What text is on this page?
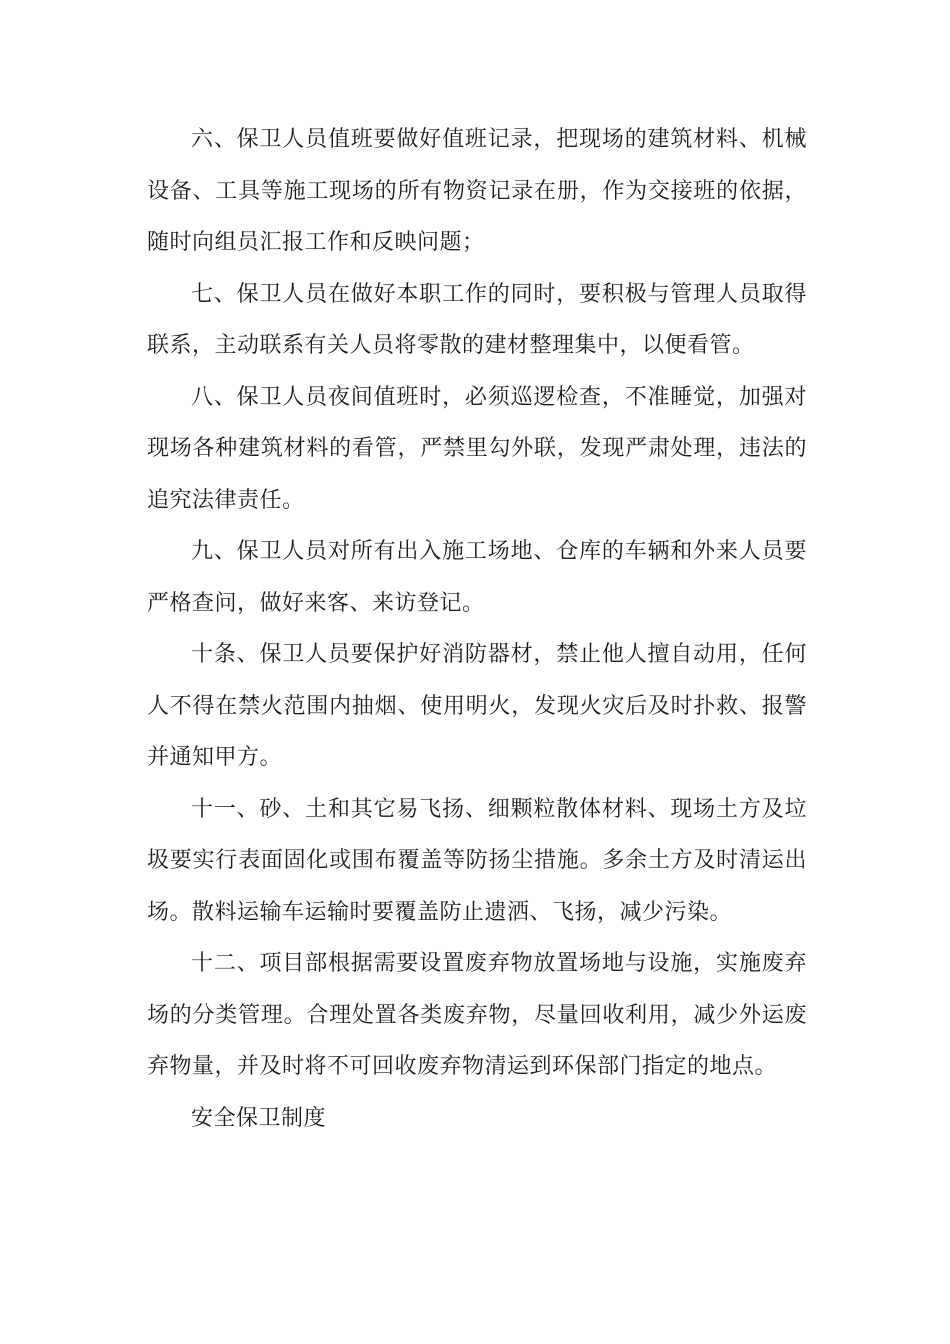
六、保卫人员值班要做好值班记录，把现场的建筑材料、机械设备、工具等施工现场的所有物资记录在册，作为交接班的依据，随时向组员汇报工作和反映问题；

七、保卫人员在做好本职工作的同时，要积极与管理人员取得联系，主动联系有关人员将零散的建材整理集中，以便看管。

八、保卫人员夜间值班时，必须巡逻检查，不准睡觉，加强对现场各种建筑材料的看管，严禁里勾外联，发现严肃处理，违法的追究法律责任。

九、保卫人员对所有出入施工场地、仓库的车辆和外来人员要严格查问，做好来客、来访登记。

十条、保卫人员要保护好消防器材，禁止他人擅自动用，任何人不得在禁火范围内抽烟、使用明火，发现火灾后及时扑救、报警并通知甲方。

十一、砂、土和其它易飞扬、细颗粒散体材料、现场土方及垃圾要实行表面固化或围布覆盖等防扬尘措施。多余土方及时清运出场。散料运输车运输时要覆盖防止遗洒、飞扬，减少污染。

十二、项目部根据需要设置废弃物放置场地与设施，实施废弃场的分类管理。合理处置各类废弃物，尽量回收利用，减少外运废弃物量，并及时将不可回收废弃物清运到环保部门指定的地点。

安全保卫制度
